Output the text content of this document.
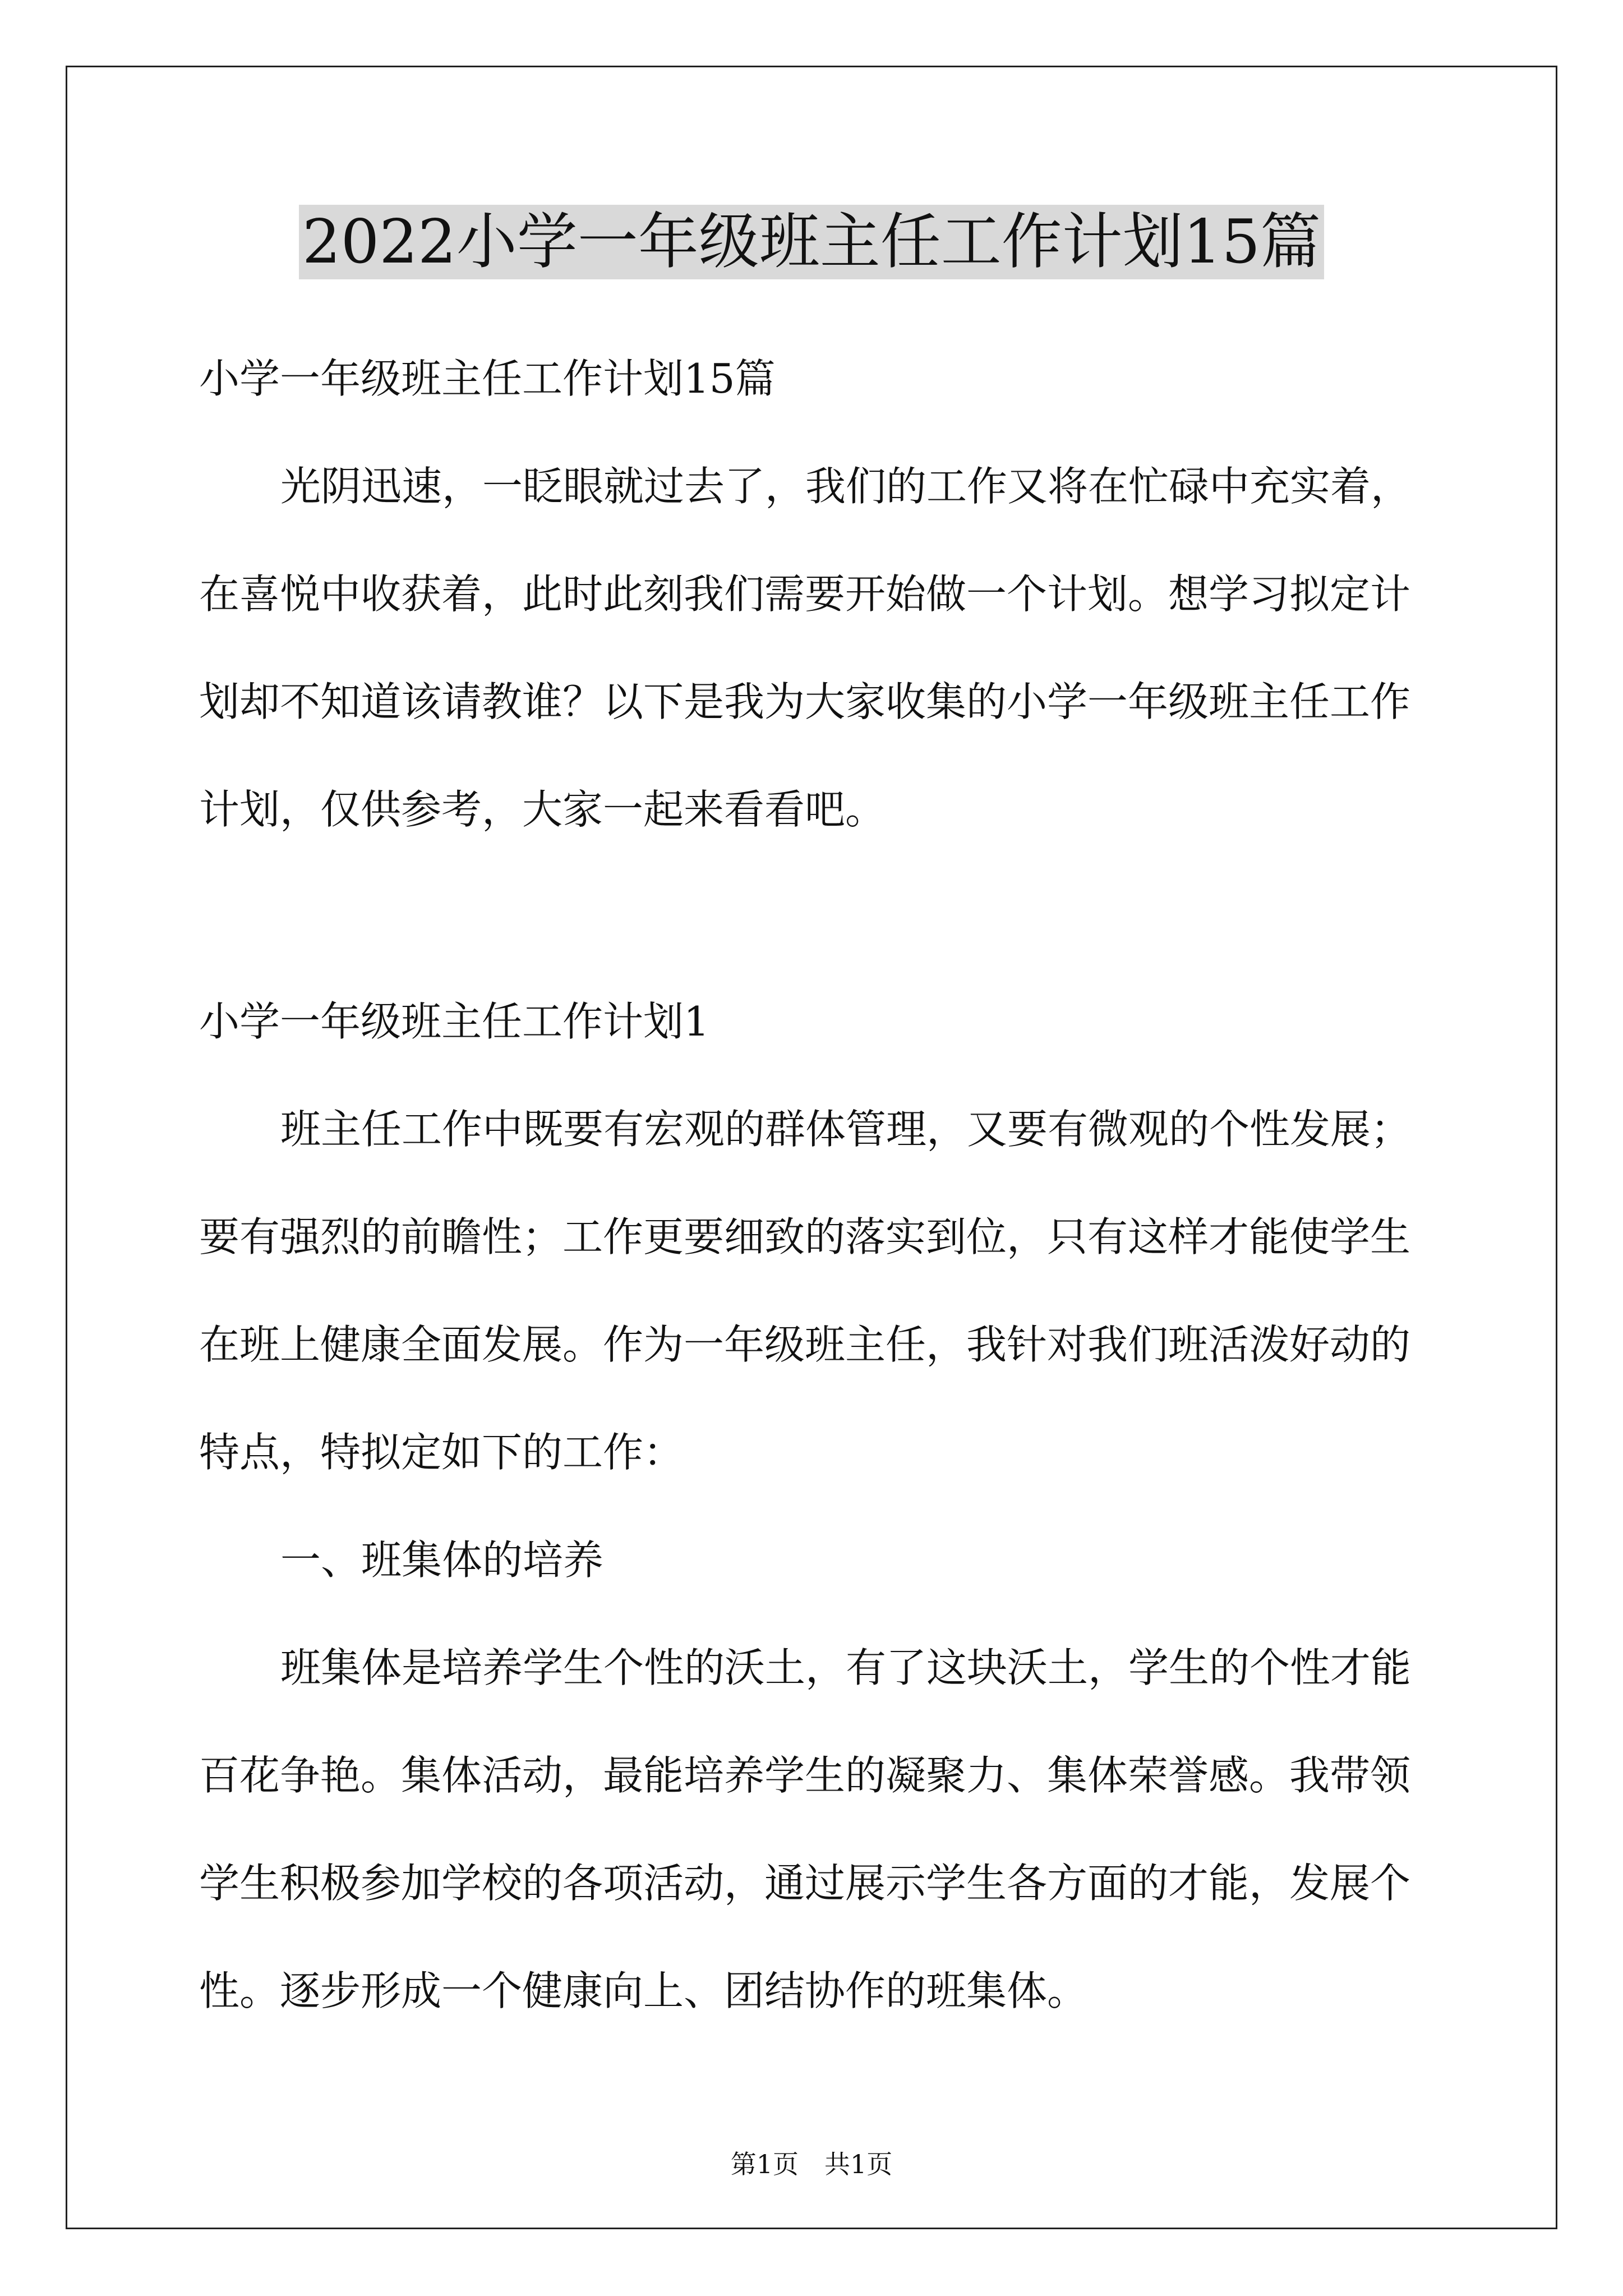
2022小学一年级班主任工作计划15篇
小学一年级班主任工作计划15篇
光阴迅速，一眨眼就过去了，我们的工作又将在忙碌中充实着，
在喜悦中收获着，此时此刻我们需要开始做一个计划。想学习拟定计
划却不知道该请教谁？以下是我为大家收集的小学一年级班主任工作
计划，仅供参考，大家一起来看看吧。
小学一年级班主任工作计划1
班主任工作中既要有宏观的群体管理，又要有微观的个性发展；
要有强烈的前瞻性；工作更要细致的落实到位，只有这样才能使学生
在班上健康全面发展。作为一年级班主任，我针对我们班活泼好动的
特点，特拟定如下的工作：
一、班集体的培养
班集体是培养学生个性的沃土，有了这块沃土，学生的个性才能
百花争艳。集体活动，最能培养学生的凝聚力、集体荣誉感。我带领
学生积极参加学校的各项活动，通过展示学生各方面的才能，发展个
性。逐步形成一个健康向上、团结协作的班集体。
第1页　共1页
